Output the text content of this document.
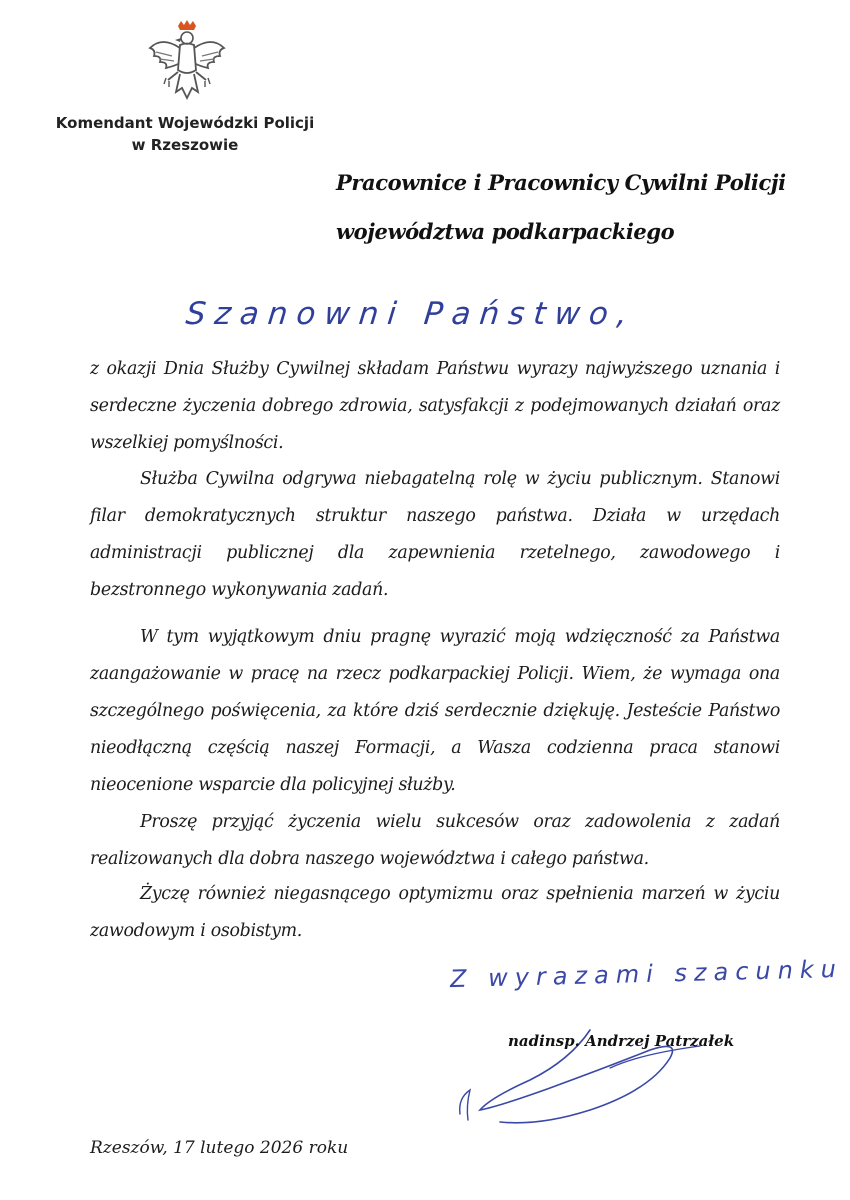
Komendant Wojewódzki Policji
w Rzeszowie
Pracownice i Pracownicy Cywilni Policji
województwa podkarpackiego
Szanowni Państwo,

z okazji Dnia Służby Cywilnej składam Państwu wyrazy najwyższego uznania i serdeczne życzenia dobrego zdrowia, satysfakcji z podejmowanych działań oraz wszelkiej pomyślności.

Służba Cywilna odgrywa niebagatelną rolę w życiu publicznym. Stanowi filar demokratycznych struktur naszego państwa. Działa w urzędach administracji publicznej dla zapewnienia rzetelnego, zawodowego i bezstronnego wykonywania zadań.

W tym wyjątkowym dniu pragnę wyrazić moją wdzięczność za Państwa zaangażowanie w pracę na rzecz podkarpackiej Policji. Wiem, że wymaga ona szczególnego poświęcenia, za które dziś serdecznie dziękuję. Jesteście Państwo nieodłączną częścią naszej Formacji, a Wasza codzienna praca stanowi nieocenione wsparcie dla policyjnej służby.

Proszę przyjąć życzenia wielu sukcesów oraz zadowolenia z zadań realizowanych dla dobra naszego województwa i całego państwa.

Życzę również niegasnącego optymizmu oraz spełnienia marzeń w życiu zawodowym i osobistym.

Z wyrazami szacunku
nadinsp. Andrzej Patrzałek
Rzeszów, 17 lutego 2026 roku
